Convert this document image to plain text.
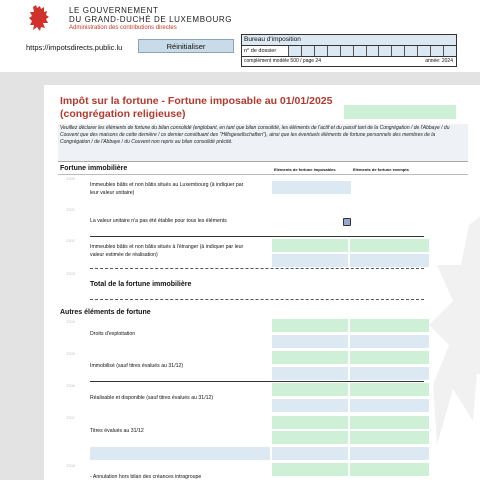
LE GOUVERNEMENT
DU GRAND-DUCHÉ DE LUXEMBOURG
Administration des contributions directes
https://impotsdirects.public.lu	Réinitialiser
Bureau d'imposition
n° de dossier
complément modèle 500 / page 24	année: 2024
Impôt sur la fortune - Fortune imposable au 01/01/2025
(congrégation religieuse)
Veuillez déclarer les éléments de fortune du bilan consolidé (englobant, en tant que bilan consolidé, les éléments de l'actif et du passif tant de la Congrégation / de l'Abbaye / du Couvent que des maisons de cette dernière / ce dernier constituant des "Hilfsgesellschaften"), ainsi que les éventuels éléments de fortune personnels des membres de la Congrégation / de l'Abbaye / du Couvent non repris au bilan consolidé précité.
Fortune immobilière	Eléments de fortune imposables	Eléments de fortune exempts
2300
Immeubles bâtis et non bâtis situés au Luxembourg (à indiquer par
leur valeur unitaire)
2301
La valeur unitaire n'a pas été établie pour tous les éléments
2302
Immeubles bâtis et non bâtis situés à l'étranger (à indiquer par leur
valeur estimée de réalisation)
2303
Total de la fortune immobilière
Autres éléments de fortune
2304
Droits d'exploitation
2305
Immobilisé (sauf titres évalués au 31/12)
2306
Réalisable et disponible (sauf titres évalués au 31/12)
2307
Titres évalués au 31/12
2308
- Annulation hors bilan des créances intragroupe
